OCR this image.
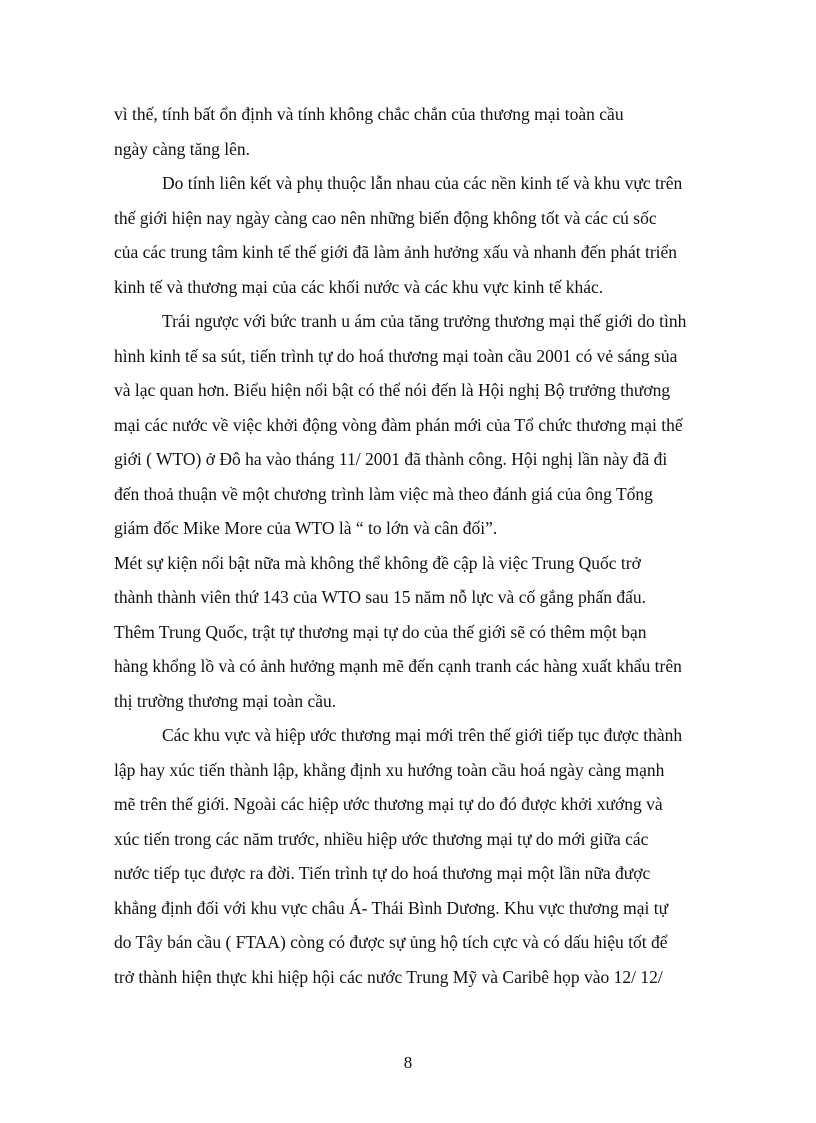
vì thế, tính bất ổn định và tính không chắc chắn của thương mại toàn cầu
ngày càng tăng lên.
Do tính liên kết và phụ thuộc lẫn nhau của các nền kinh tế và khu vực trên
thế giới hiện nay ngày càng cao nên những biến động không tốt và các cú sốc
của các trung tâm kinh tế thế giới đã làm ảnh hưởng xấu và nhanh đến phát triển
kinh tế và thương mại của các khối nước và các khu vực kinh tế khác.
Trái ngược với bức tranh u ám của tăng trưởng thương mại thế giới do tình
hình kinh tế sa sút, tiến trình tự do hoá thương mại toàn cầu 2001 có vẻ sáng sủa
và lạc quan hơn. Biểu hiện nổi bật có thể nói đến là Hội nghị Bộ trưởng thương
mại các nước về việc khởi động vòng đàm phán mới của Tổ chức thương mại thế
giới ( WTO) ở Đô ha vào tháng 11/ 2001 đã thành công. Hội nghị lần này đã đi
đến thoả thuận về một chương trình làm việc mà theo đánh giá của ông Tổng
giám đốc Mike More của WTO là “ to lớn và cân đối”.
Mét sự kiện nổi bật nữa mà không thể không đề cập là việc Trung Quốc trở
thành thành viên thứ 143 của WTO sau 15 năm nỗ lực và cố gắng phấn đấu.
Thêm Trung Quốc, trật tự thương mại tự do của thế giới sẽ có thêm một bạn
hàng khổng lồ và có ảnh hưởng mạnh mẽ đến cạnh tranh các hàng xuất khẩu trên
thị trường thương mại toàn cầu.
Các khu vực và hiệp ước thương mại mới trên thế giới tiếp tục được thành
lập hay xúc tiến thành lập, khẳng định xu hướng toàn cầu hoá ngày càng mạnh
mẽ trên thế giới. Ngoài các hiệp ước thương mại tự do đó được khởi xướng và
xúc tiến trong các năm trước, nhiều hiệp ước thương mại tự do mới giữa các
nước tiếp tục được ra đời. Tiến trình tự do hoá thương mại một lần nữa được
khẳng định đối với khu vực châu Á- Thái Bình Dương. Khu vực thương mại tự
do Tây bán cầu ( FTAA) còng có được sự ủng hộ tích cực và có dấu hiệu tốt để
trở thành hiện thực khi hiệp hội các nước Trung Mỹ và Caribê họp vào 12/ 12/
8
